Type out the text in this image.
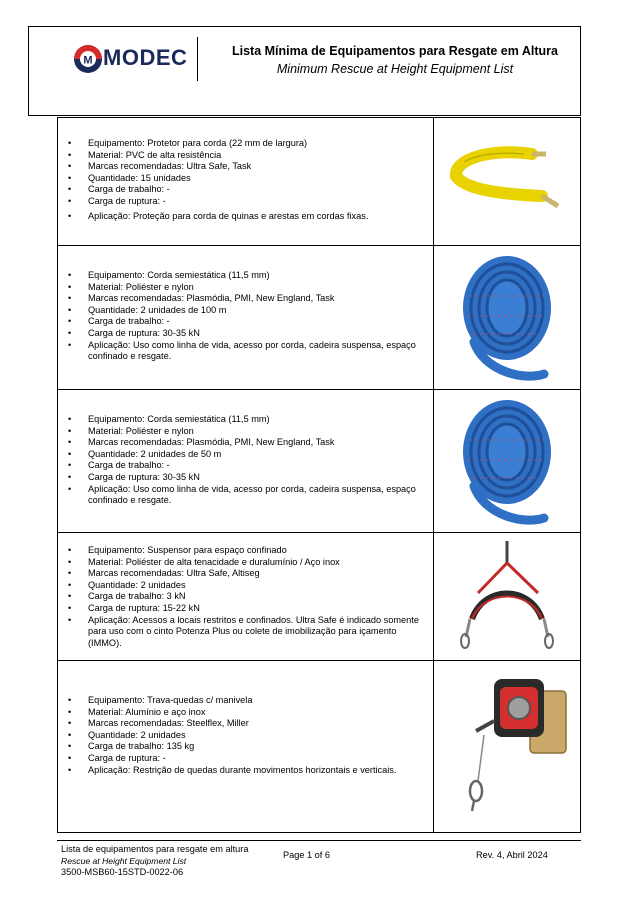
M MODEC	Lista Mínima de Equipamentos para Resgate em Altura
Minimum Rescue at Height Equipment List
• Equipamento: Protetor para corda (22 mm de largura)
• Material: PVC de alta resistência
• Marcas recomendadas: Ultra Safe, Task
• Quantidade: 15 unidades
• Carga de trabalho: -
• Carga de ruptura: -
• Aplicação: Proteção para corda de quinas e arestas em cordas fixas.
• Equipamento: Corda semiestática (11,5 mm)
• Material: Poliéster e nylon
• Marcas recomendadas: Plasmódia, PMI, New England, Task
• Quantidade: 2 unidades de 100 m
• Carga de trabalho: -
• Carga de ruptura: 30-35 kN
• Aplicação: Uso como linha de vida, acesso por corda, cadeira suspensa, espaço confinado e resgate.
• Equipamento: Corda semiestática (11,5 mm)
• Material: Poliéster e nylon
• Marcas recomendadas: Plasmódia, PMI, New England, Task
• Quantidade: 2 unidades de 50 m
• Carga de trabalho: -
• Carga de ruptura: 30-35 kN
• Aplicação: Uso como linha de vida, acesso por corda, cadeira suspensa, espaço confinado e resgate.
• Equipamento: Suspensor para espaço confinado
• Material: Poliéster de alta tenacidade e duralumínio / Aço inox
• Marcas recomendadas: Ultra Safe, Altiseg
• Quantidade: 2 unidades
• Carga de trabalho: 3 kN
• Carga de ruptura: 15-22 kN
• Aplicação: Acessos a locais restritos e confinados. Ultra Safe é indicado somente para uso com o cinto Potenza Plus ou colete de imobilização para içamento (IMMO).
• Equipamento: Trava-quedas c/ manivela
• Material: Alumínio e aço inox
• Marcas recomendadas: Steelflex, Miller
• Quantidade: 2 unidades
• Carga de trabalho: 135 kg
• Carga de ruptura: -
• Aplicação: Restrição de quedas durante movimentos horizontais e verticais.
Lista de equipamentos para resgate em altura
Rescue at Height Equipment List
3500-MSB60-15STD-0022-06
Page 1 of 6	Rev. 4, Abril 2024
